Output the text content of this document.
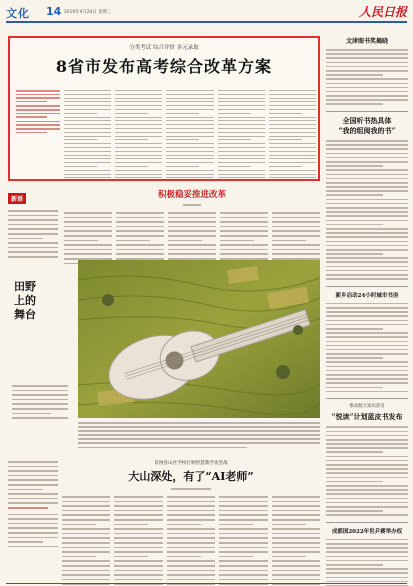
文化 14 2019年4月24日 星期三	人民日报
分类考试 综合评价 多元录取
8省市发布高考综合改革方案
文津图书奖揭晓
全国听书热具体
“我的组阅我的书”
新乡启动24小时城市书房
推动航天知识普及
“悦读”计划蓝皮书发布
成都国2022年世乒赛举办权
新语	积极稳妥推进改革
田野上的舞台
贫困县山区学校打响智慧教学攻坚战
大山深处，有了“AI老师”
